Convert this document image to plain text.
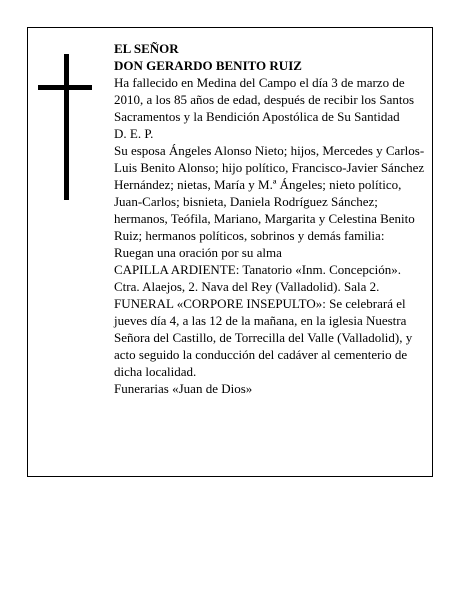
EL SEÑOR

DON GERARDO BENITO RUIZ

Ha fallecido en Medina del Campo el día 3 de marzo de 2010, a los 85 años de edad, después de recibir los Santos Sacramentos y la Bendición Apostólica de Su Santidad

D. E. P.

Su esposa Ángeles Alonso Nieto; hijos, Mercedes y Carlos-Luis Benito Alonso; hijo político, Francisco-Javier Sánchez Hernández; nietas, María y M.ª Ángeles; nieto político, Juan-Carlos; bisnieta, Daniela Rodríguez Sánchez; hermanos, Teófila, Mariano, Margarita y Celestina Benito Ruiz; hermanos políticos, sobrinos y demás familia:

Ruegan una oración por su alma

CAPILLA ARDIENTE: Tanatorio «Inm. Concepción». Ctra. Alaejos, 2. Nava del Rey (Valladolid). Sala 2.

FUNERAL «CORPORE INSEPULTO»: Se celebrará el jueves día 4, a las 12 de la mañana, en la iglesia Nuestra Señora del Castillo, de Torrecilla del Valle (Valladolid), y acto seguido la conducción del cadáver al cementerio de dicha localidad.

Funerarias «Juan de Dios»
